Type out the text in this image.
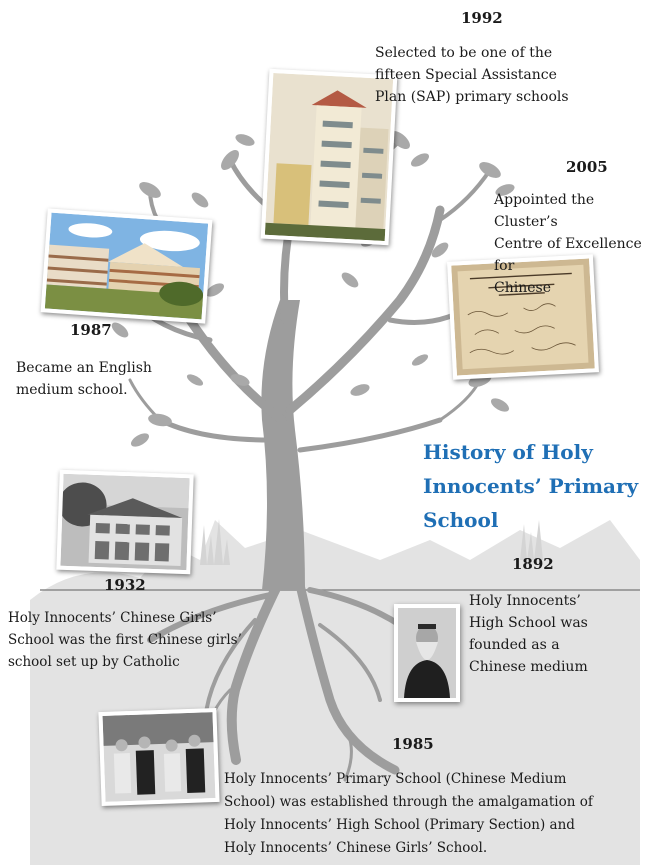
1992
Selected to be one of the
fifteen Special Assistance
Plan (SAP) primary schools
2005
Appointed the Cluster’s
Centre of Excellence for
Chinese
1987
Became an English
medium school.
History of Holy
Innocents’ Primary
School
1932
Holy Innocents’ Chinese Girls’
School was the first Chinese girls’
school set up by Catholic
1892
Holy Innocents’
High School was
founded as a
Chinese medium
1985
Holy Innocents’ Primary School (Chinese Medium
School) was established through the amalgamation of
Holy Innocents’ High School (Primary Section) and
Holy Innocents’ Chinese Girls’ School.
